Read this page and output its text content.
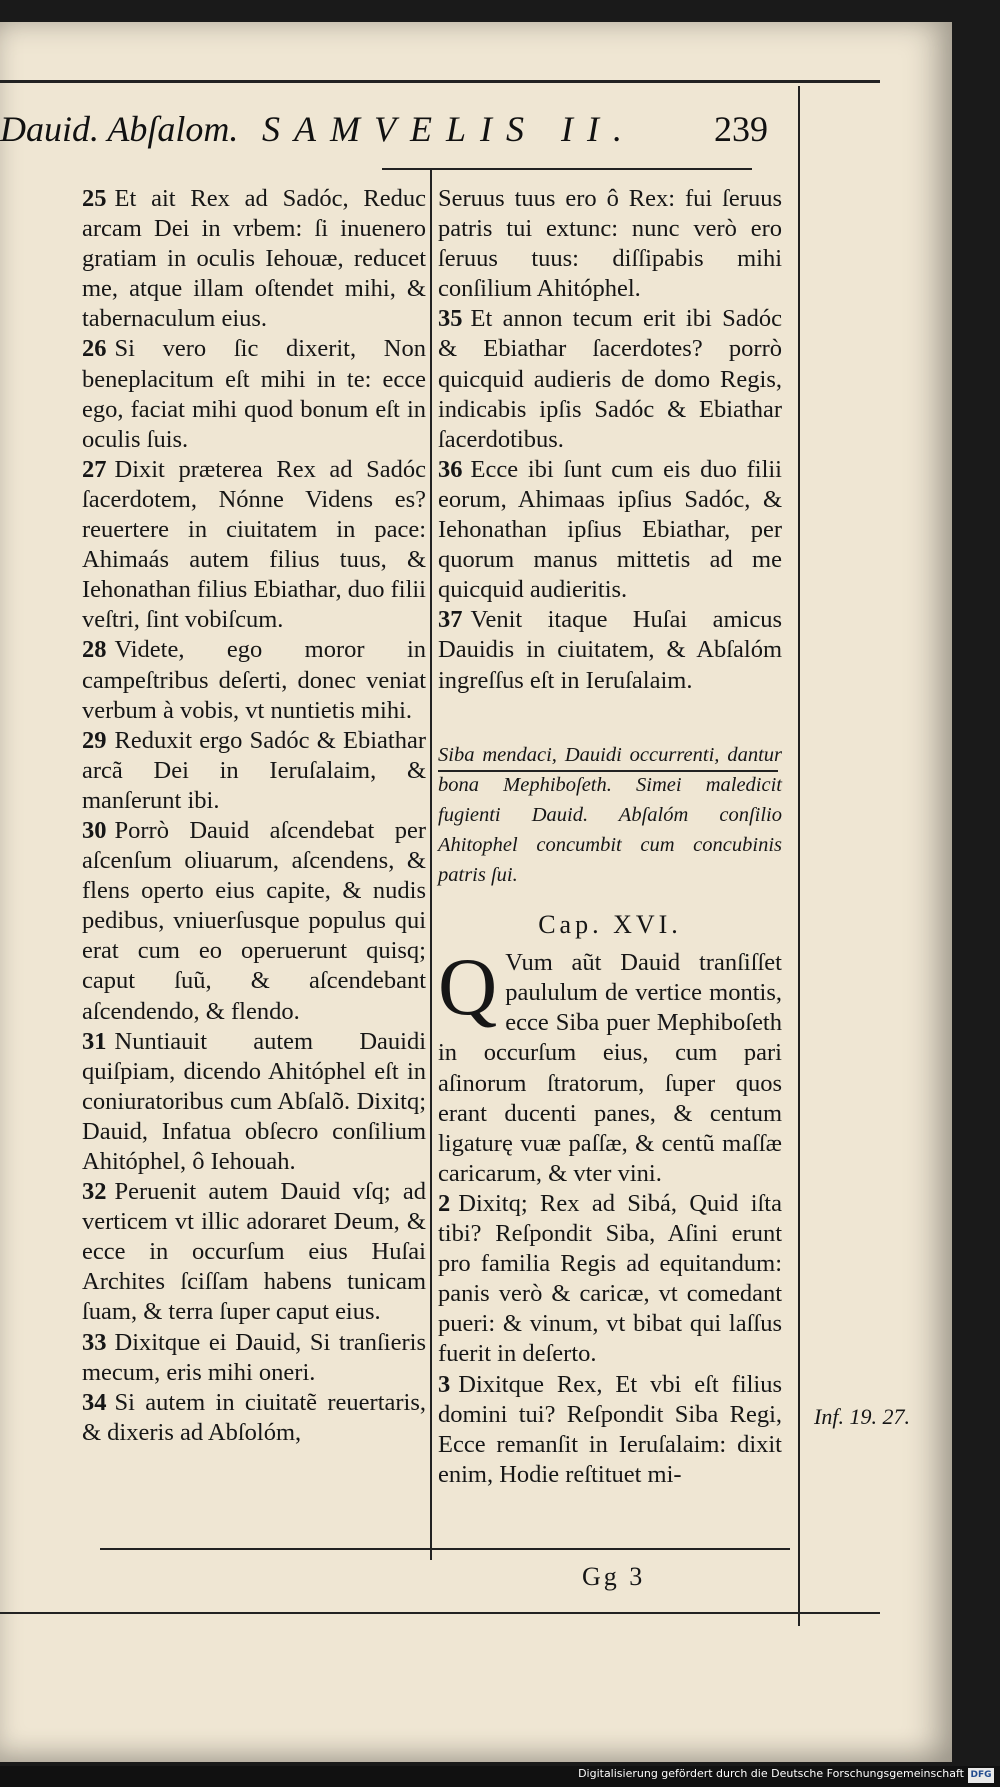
Dauid. Abſalom. SAMVELIS II. 239

25 Et ait Rex ad Sadóc, Reduc arcam Dei in vrbem: ſi inuenero gratiam in oculis Iehouæ, reducet me, atque illam oſtendet mihi, & tabernaculum eius.

26 Si vero ſic dixerit, Non beneplacitum eſt mihi in te: ecce ego, faciat mihi quod bonum eſt in oculis ſuis.

27 Dixit præterea Rex ad Sadóc ſacerdotem, Nónne Videns es? reuertere in ciuitatem in pace: Ahimaás autem filius tuus, & Iehonathan filius Ebiathar, duo filii veſtri, ſint vobiſcum.

28 Videte, ego moror in campeſtribus deſerti, donec veniat verbum à vobis, vt nuntietis mihi.

29 Reduxit ergo Sadóc & Ebiathar arcã Dei in Ieruſalaim, & manſerunt ibi.

30 Porrò Dauid aſcendebat per aſcenſum oliuarum, aſcendens, & flens operto eius capite, & nudis pedibus, vniuerſusque populus qui erat cum eo operuerunt quisq; caput ſuũ, & aſcendebant aſcendendo, & flendo.

31 Nuntiauit autem Dauidi quiſpiam, dicendo Ahitóphel eſt in coniuratoribus cum Abſalõ. Dixitq; Dauid, Infatua obſecro conſilium Ahitóphel, ô Iehouah.

32 Peruenit autem Dauid vſq; ad verticem vt illic adoraret Deum, & ecce in occurſum eius Huſai Archites ſciſſam habens tunicam ſuam, & terra ſuper caput eius.

33 Dixitque ei Dauid, Si tranſieris mecum, eris mihi oneri.

34 Si autem in ciuitatẽ reuertaris, & dixeris ad Abſolóm,

Seruus tuus ero ô Rex: fui ſeruus patris tui extunc: nunc verò ero ſeruus tuus: diſſipabis mihi conſilium Ahitóphel.

35 Et annon tecum erit ibi Sadóc & Ebiathar ſacerdotes? porrò quicquid audieris de domo Regis, indicabis ipſis Sadóc & Ebiathar ſacerdotibus.

36 Ecce ibi ſunt cum eis duo filii eorum, Ahimaas ipſius Sadóc, & Iehonathan ipſius Ebiathar, per quorum manus mittetis ad me quicquid audieritis.

37 Venit itaque Huſai amicus Dauidis in ciuitatem, & Abſalóm ingreſſus eſt in Ieruſalaim.

Siba mendaci, Dauidi occurrenti, dantur bona Mephiboſeth. Simei maledicit fugienti Dauid. Abſalóm conſilio Ahitophel concumbit cum concubinis patris ſui.

Cap. XVI.

Q Vum aũt Dauid tranſiſſet paululum de vertice montis, ecce Siba puer Mephiboſeth in occurſum eius, cum pari aſinorum ſtratorum, ſuper quos erant ducenti panes, & centum ligaturę vuæ paſſæ, & centũ maſſæ caricarum, & vter vini.

2 Dixitq; Rex ad Sibá, Quid iſta tibi? Reſpondit Siba, Aſini erunt pro familia Regis ad equitandum: panis verò & caricæ, vt comedant pueri: & vinum, vt bibat qui laſſus fuerit in deſerto.

3 Dixitque Rex, Et vbi eſt filius domini tui? Reſpondit Siba Regi, Ecce remanſit in Ieruſalaim: dixit enim, Hodie reſtituet mi-

Inf. 19. 27.
Gg 3
Digitalisierung gefördert durch die Deutsche Forschungsgemeinschaft DFG
